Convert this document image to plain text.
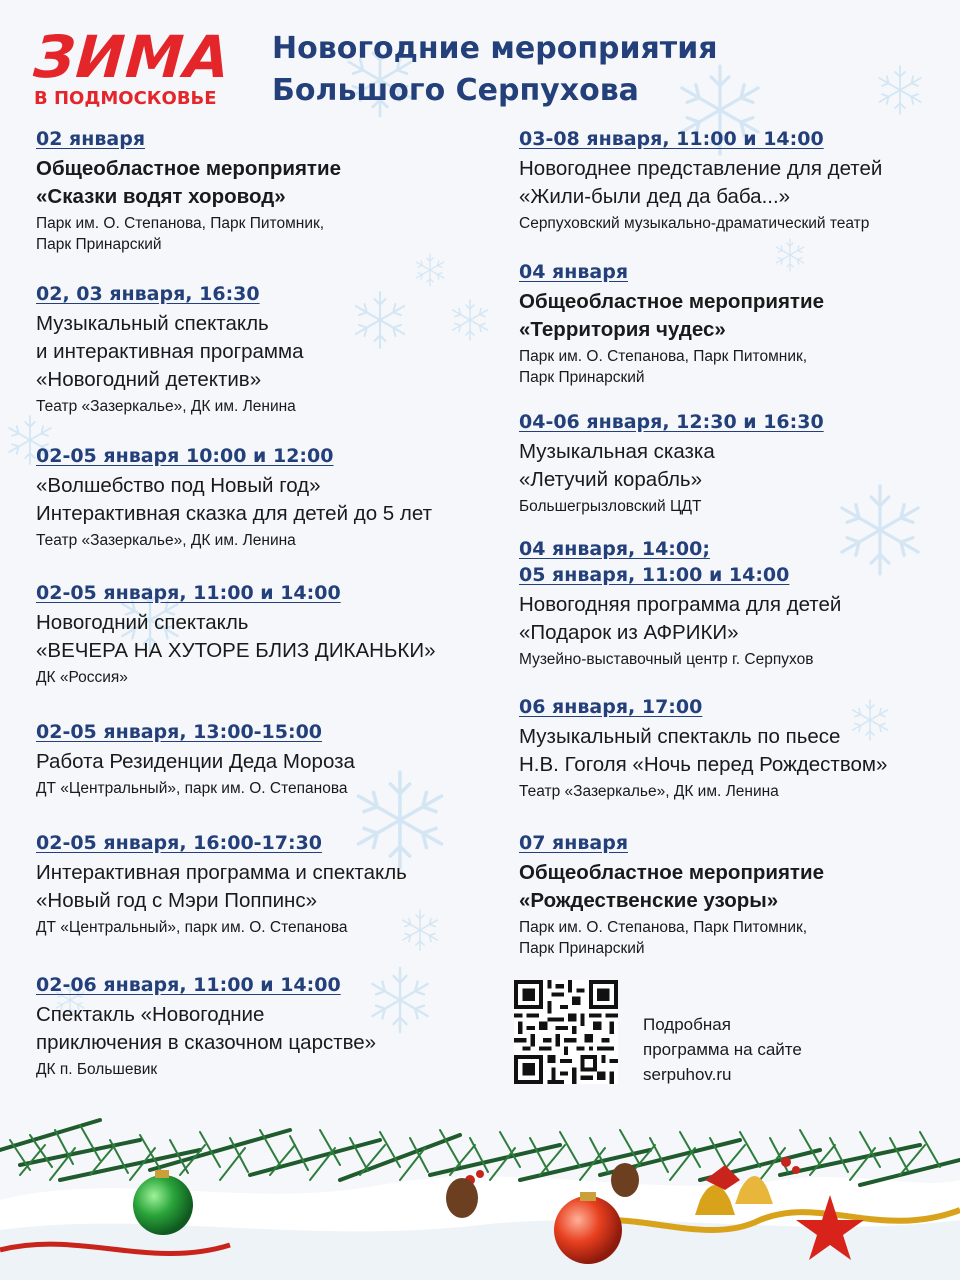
ЗИМА
В ПОДМОСКОВЬЕ
Новогодние мероприятия
Большого Серпухова
02 января
Общеобластное мероприятие
«Сказки водят хоровод»
Парк им. О. Степанова, Парк Питомник,
Парк Принарский
02, 03 января, 16:30
Музыкальный спектакль
и интерактивная программа
«Новогодний детектив»
Театр «Зазеркалье», ДК им. Ленина
02-05 января 10:00 и 12:00
«Волшебство под Новый год»
Интерактивная сказка для детей до 5 лет
Театр «Зазеркалье», ДК им. Ленина
02-05 января, 11:00 и 14:00
Новогодний спектакль
«ВЕЧЕРА НА ХУТОРЕ БЛИЗ ДИКАНЬКИ»
ДК «Россия»
02-05 января, 13:00-15:00
Работа Резиденции Деда Мороза
ДТ «Центральный», парк им. О. Степанова
02-05 января, 16:00-17:30
Интерактивная программа и спектакль
«Новый год с Мэри Поппинс»
ДТ «Центральный», парк им. О. Степанова
02-06 января, 11:00 и 14:00
Спектакль «Новогодние
приключения в сказочном царстве»
ДК п. Большевик
03-08 января, 11:00 и 14:00
Новогоднее представление для детей
«Жили-были дед да баба...»
Серпуховский музыкально-драматический театр
04 января
Общеобластное мероприятие
«Территория чудес»
Парк им. О. Степанова, Парк Питомник,
Парк Принарский
04-06 января, 12:30 и 16:30
Музыкальная сказка
«Летучий корабль»
Большегрызловский ЦДТ
04 января, 14:00;
05 января, 11:00 и 14:00
Новогодняя программа для детей
«Подарок из АФРИКИ»
Музейно-выставочный центр г. Серпухов
06 января, 17:00
Музыкальный спектакль по пьесе
Н.В. Гоголя «Ночь перед Рождеством»
Театр «Зазеркалье», ДК им. Ленина
07 января
Общеобластное мероприятие
«Рождественские узоры»
Парк им. О. Степанова, Парк Питомник,
Парк Принарский
Подробная
программа на сайте
serpuhov.ru
